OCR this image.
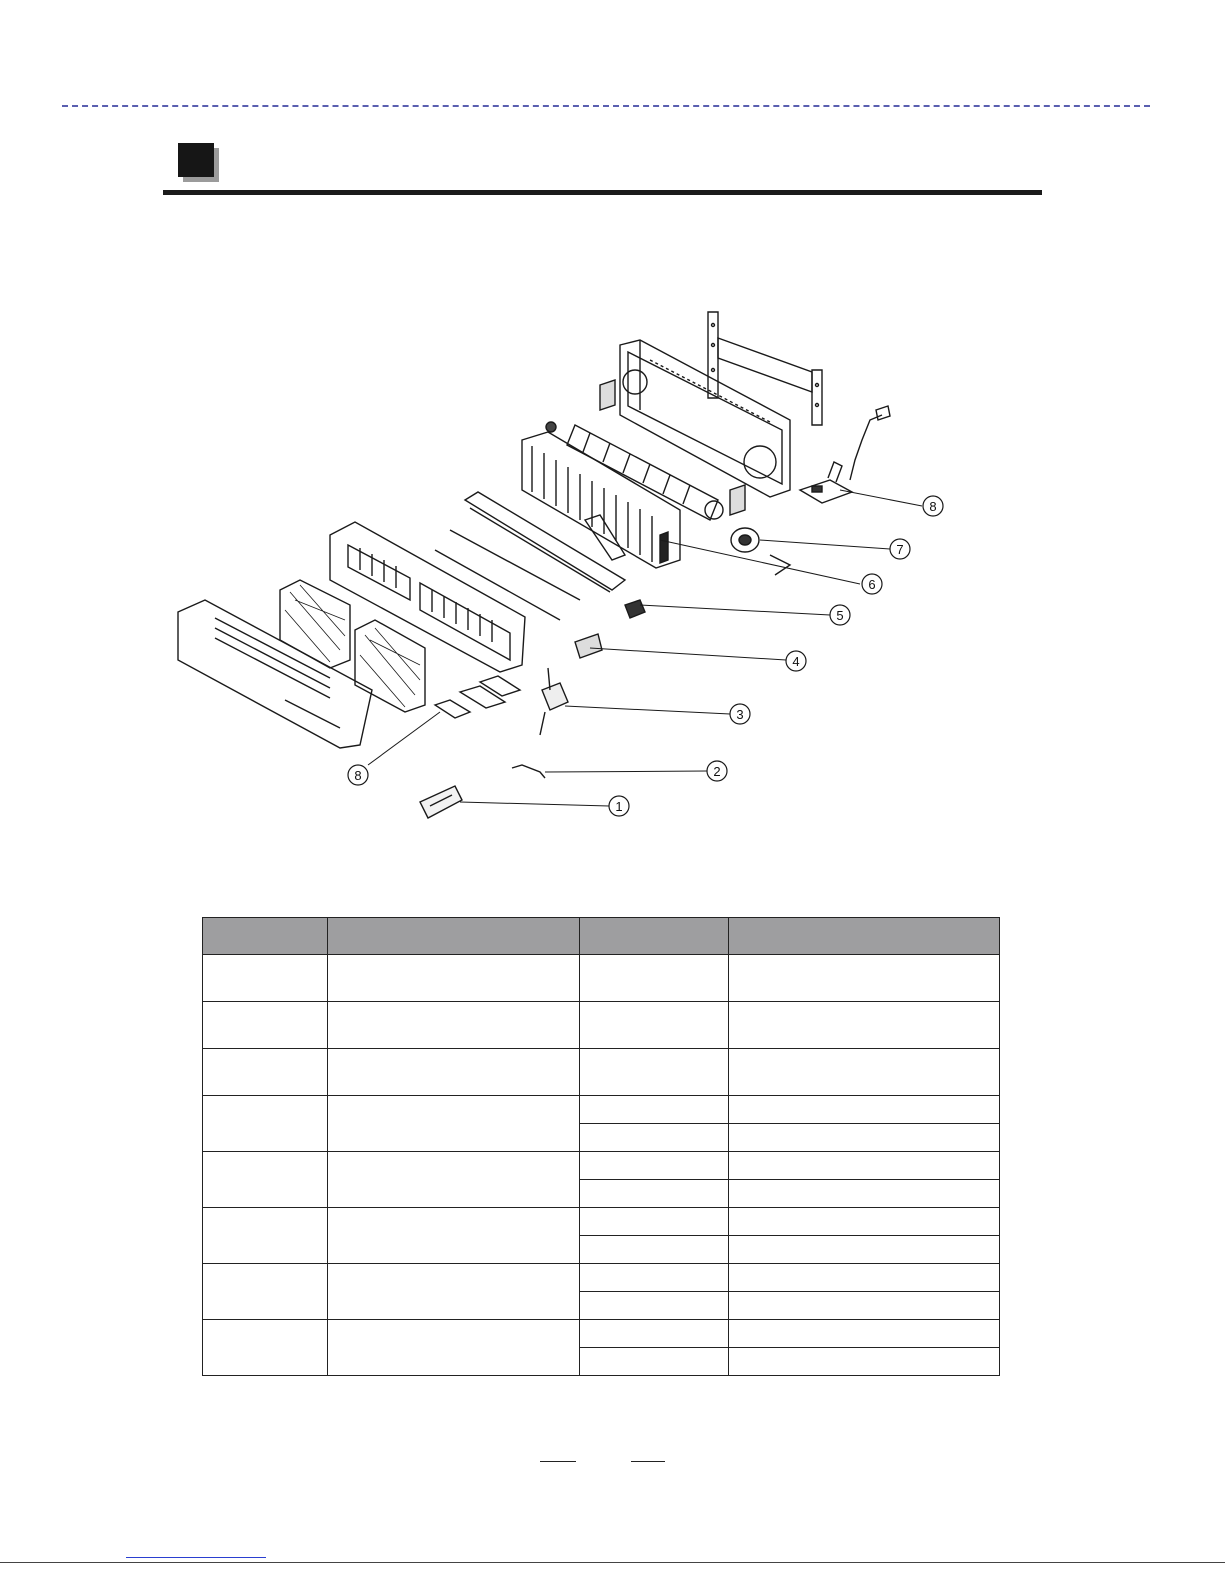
8
7
6
5
4
3
2
1
8
